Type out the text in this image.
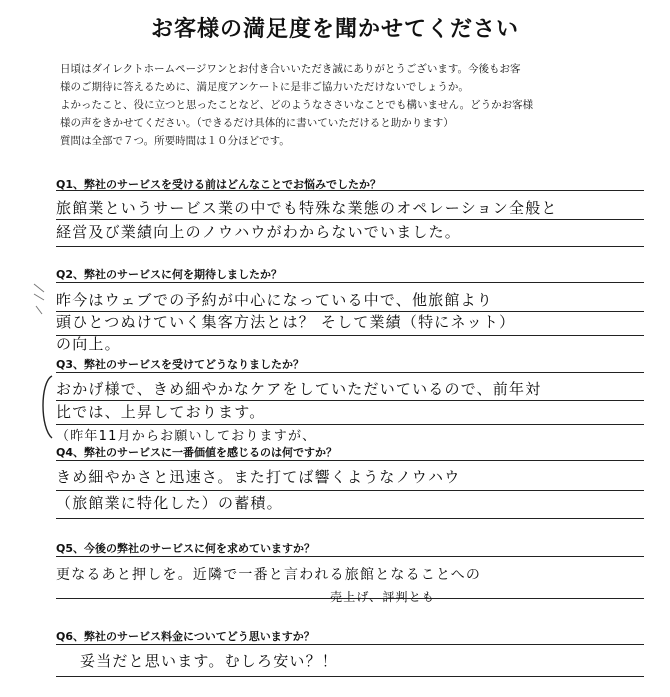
お客様の満足度を聞かせてください
日頃はダイレクトホームページワンとお付き合いいただき誠にありがとうございます。今後もお客
様のご期待に答えるために、満足度アンケートに是非ご協力いただけないでしょうか。
よかったこと、役に立つと思ったことなど、どのようなささいなことでも構いません。どうかお客様
様の声をきかせてください。（できるだけ具体的に書いていただけると助かります）
質問は全部で７つ。所要時間は１０分ほどです。
Q1、弊社のサービスを受ける前はどんなことでお悩みでしたか？
旅館業というサービス業の中でも特殊な業態のオペレーション全般と
経営及び業績向上のノウハウがわからないでいました。
Q2、弊社のサービスに何を期待しましたか？
昨今はウェブでの予約が中心になっている中で、他旅館より
頭ひとつぬけていく集客方法とは？ そして業績（特にネット）
の向上。
Q3、弊社のサービスを受けてどうなりましたか？
おかげ様で、きめ細やかなケアをしていただいているので、前年対
比では、上昇しております。
（昨年11月からお願いしておりますが、
Q4、弊社のサービスに一番価値を感じるのは何ですか？
きめ細やかさと迅速さ。また打てば響くようなノウハウ
（旅館業に特化した）の蓄積。
Q5、今後の弊社のサービスに何を求めていますか？
更なるあと押しを。近隣で一番と言われる旅館となることへの
売上げ、評判とも
Q6、弊社のサービス料金についてどう思いますか？
妥当だと思います。むしろ安い？！
